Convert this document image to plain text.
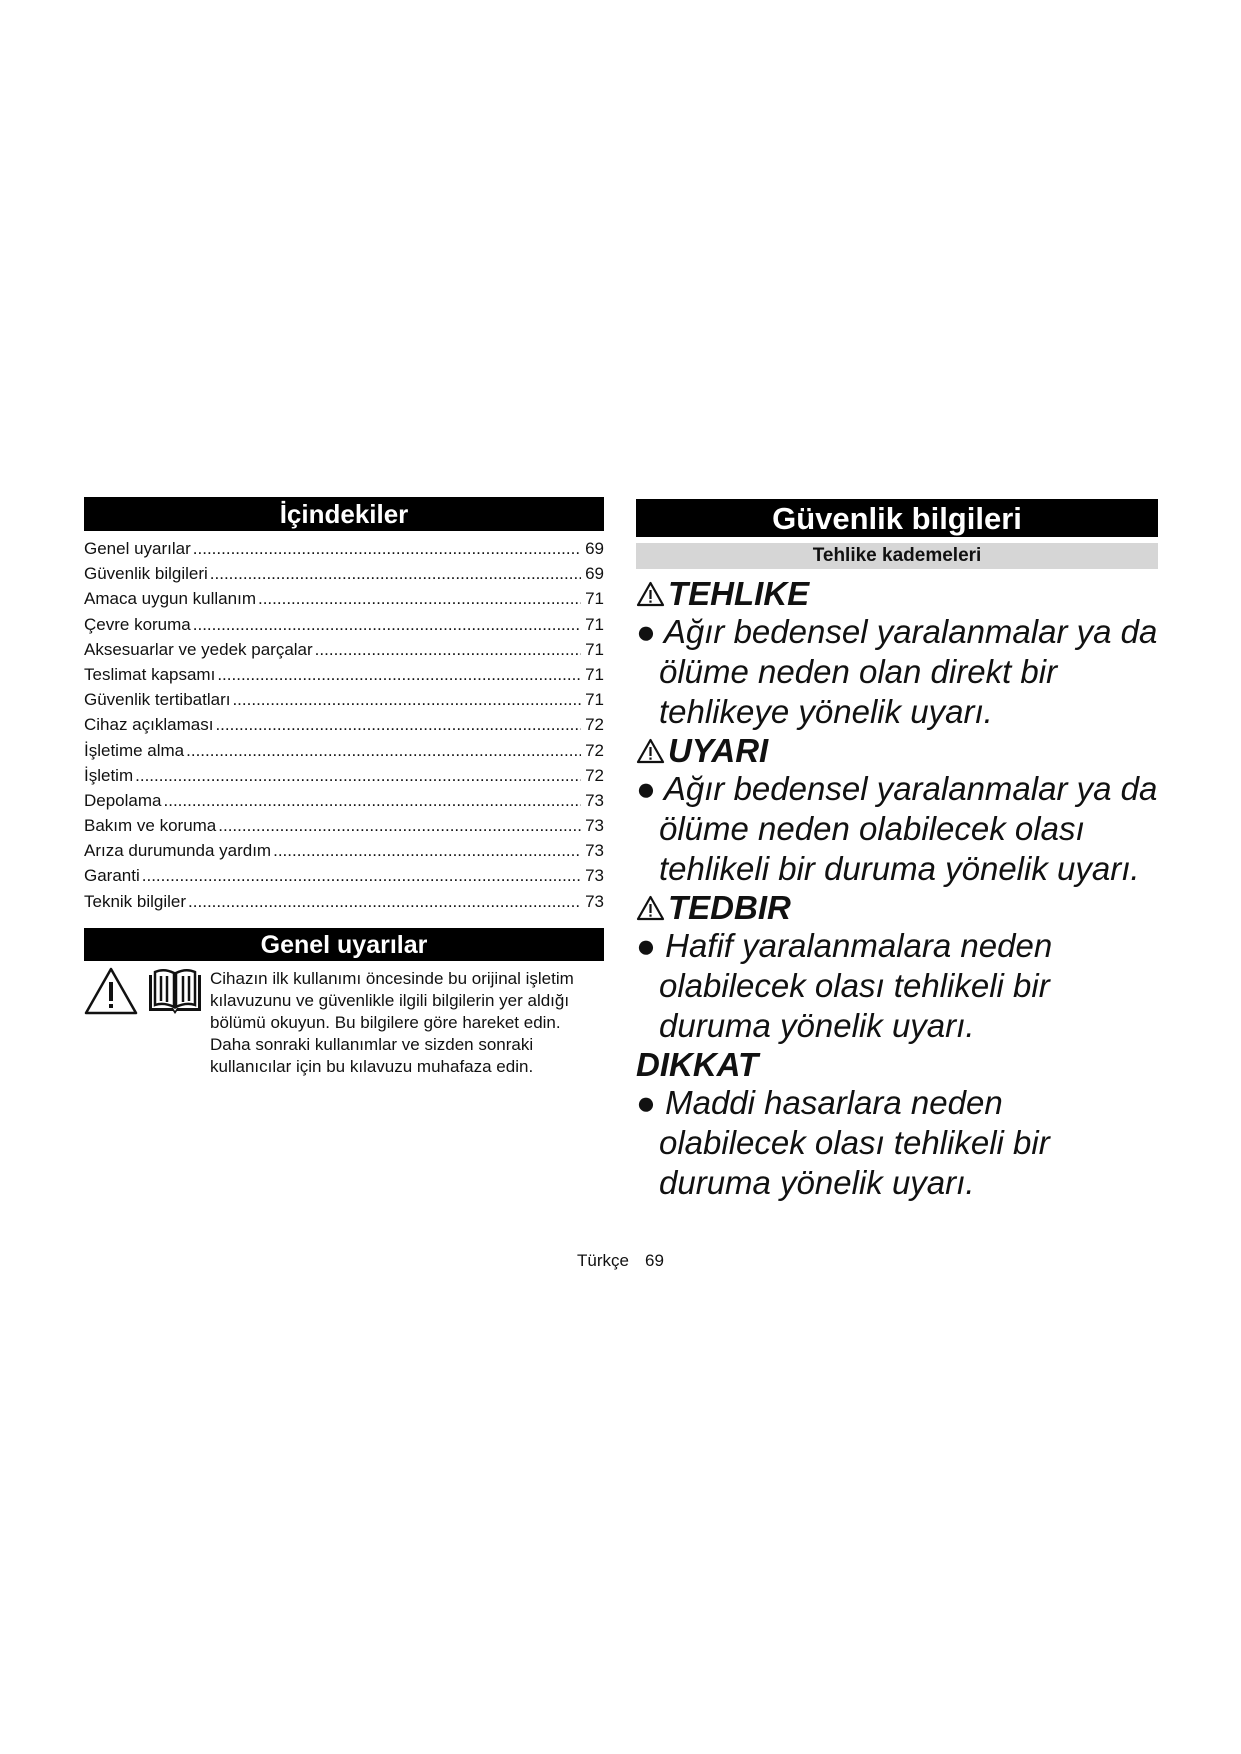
İçindekiler
Genel uyarılar .....	69
Güvenlik bilgileri .....	69
Amaca uygun kullanım .....	71
Çevre koruma .....	71
Aksesuarlar ve yedek parçalar .....	71
Teslimat kapsamı .....	71
Güvenlik tertibatları .....	71
Cihaz açıklaması .....	72
İşletime alma .....	72
İşletim .....	72
Depolama .....	73
Bakım ve koruma .....	73
Arıza durumunda yardım .....	73
Garanti .....	73
Teknik bilgiler .....	73
Genel uyarılar

Cihazın ilk kullanımı öncesinde bu orijinal işletim kılavuzunu ve güvenlikle ilgili bilgilerin yer aldığı bölümü okuyun. Bu bilgilere göre hareket edin.

Daha sonraki kullanımlar ve sizden sonraki kullanıcılar için bu kılavuzu muhafaza edin.

Güvenlik bilgileri
Tehlike kademeleri
TEHLIKE
● Ağır bedensel yaralanmalar ya da ölüme neden olan direkt bir tehlikeye yönelik uyarı.
UYARI
● Ağır bedensel yaralanmalar ya da ölüme neden olabilecek olası tehlikeli bir duruma yönelik uyarı.
TEDBIR
● Hafif yaralanmalara neden olabilecek olası tehlikeli bir duruma yönelik uyarı.
DIKKAT
● Maddi hasarlara neden olabilecek olası tehlikeli bir duruma yönelik uyarı.
Türkçe 69
